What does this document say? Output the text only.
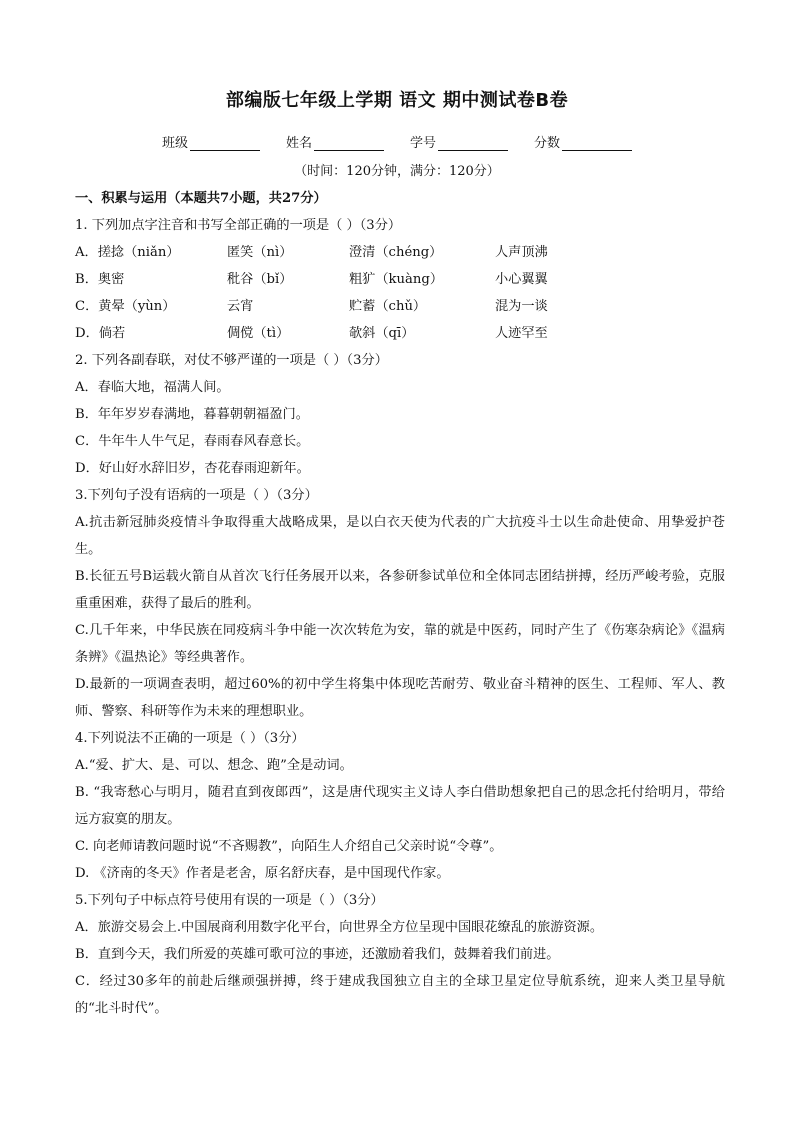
部编版七年级上学期 语文 期中测试卷B卷
班级	姓名	学号	分数
（时间：120分钟，满分：120分）
一、积累与运用（本题共7小题，共27分）
1. 下列加点字注音和书写全部正确的一项是（ ）（3分）
A．搓捻（niǎn）	匿笑（nì）	澄清（chéng）	人声顶沸
B．奥密	秕谷（bǐ）	粗犷（kuàng）	小心翼翼
C．黄晕（yùn）	云宵	贮蓄（chǔ）	混为一谈
D．倘若	倜傥（tì）	欹斜（qī）	人迹罕至
2. 下列各副春联，对仗不够严谨的一项是（ ）（3分）
A．春临大地，福满人间。
B．年年岁岁春满地，暮暮朝朝福盈门。
C．牛年牛人牛气足，春雨春风春意长。
D．好山好水辞旧岁，杏花春雨迎新年。
3.下列句子没有语病的一项是（ ）（3分）
A.抗击新冠肺炎疫情斗争取得重大战略成果，是以白衣天使为代表的广大抗疫斗士以生命赴使命、用挚爱护苍生。
B.长征五号B运载火箭自从首次飞行任务展开以来，各参研参试单位和全体同志团结拼搏，经历严峻考验，克服重重困难，获得了最后的胜利。
C.几千年来，中华民族在同疫病斗争中能一次次转危为安，靠的就是中医药，同时产生了《伤寒杂病论》《温病条辨》《温热论》等经典著作。
D.最新的一项调查表明，超过60%的初中学生将集中体现吃苦耐劳、敬业奋斗精神的医生、工程师、军人、教师、警察、科研等作为未来的理想职业。
4.下列说法不正确的一项是（ ）（3分）
A.“爱、扩大、是、可以、想念、跑”全是动词。
B. “我寄愁心与明月，随君直到夜郎西”，这是唐代现实主义诗人李白借助想象把自己的思念托付给明月，带给远方寂寞的朋友。
C. 向老师请教问题时说“不吝赐教”，向陌生人介绍自己父亲时说“令尊”。
D. 《济南的冬天》作者是老舍，原名舒庆春，是中国现代作家。
5.下列句子中标点符号使用有误的一项是（ ）（3分）
A．旅游交易会上.中国展商利用数字化平台，向世界全方位呈现中国眼花缭乱的旅游资源。
B．直到今天，我们所爱的英雄可歌可泣的事迹，还激励着我们，鼓舞着我们前进。
C．经过30多年的前赴后继顽强拼搏，终于建成我国独立自主的全球卫星定位导航系统，迎来人类卫星导航的“北斗时代”。
